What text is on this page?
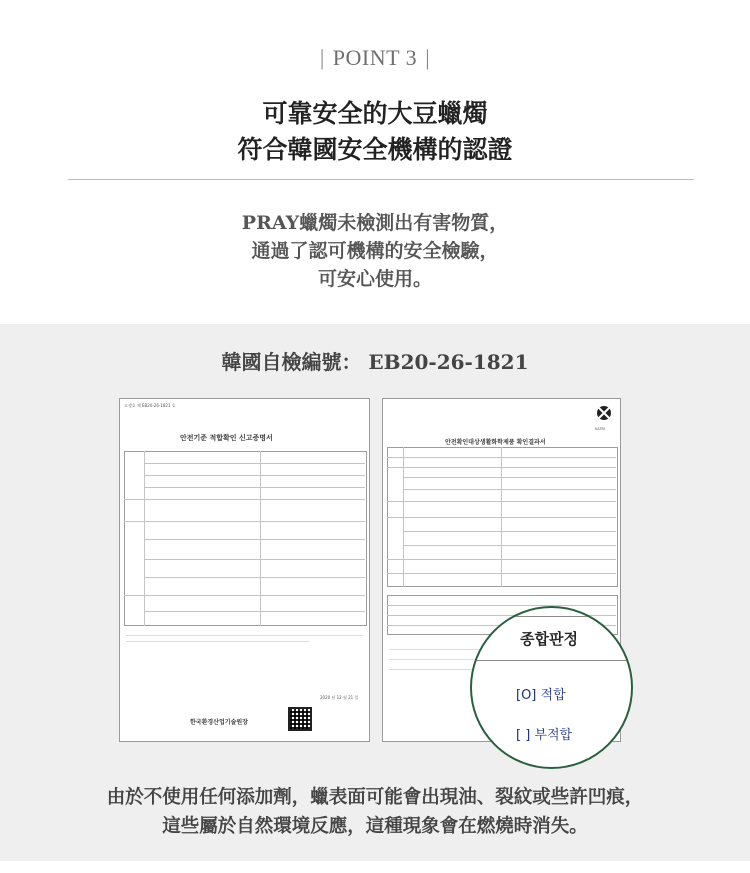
| POINT 3 |
可靠安全的大豆蠟燭
符合韓國安全機構的認證
PRAY蠟燭未檢測出有害物質，
通過了認可機構的安全檢驗，
可安心使用。
韓國自檢編號： EB20-26-1821
고생호 제 EB20-26-1821 호
안전기준 적합확인 신고증명서
2020 년 12 월 21 일
한국환경산업기술원장
KATRI
안전확인대상생활화학제품 확인결과서
종합판정
[O] 적합
[ ] 부적합
由於不使用任何添加劑，蠟表面可能會出現油、裂紋或些許凹痕，
這些屬於自然環境反應，這種現象會在燃燒時消失。
